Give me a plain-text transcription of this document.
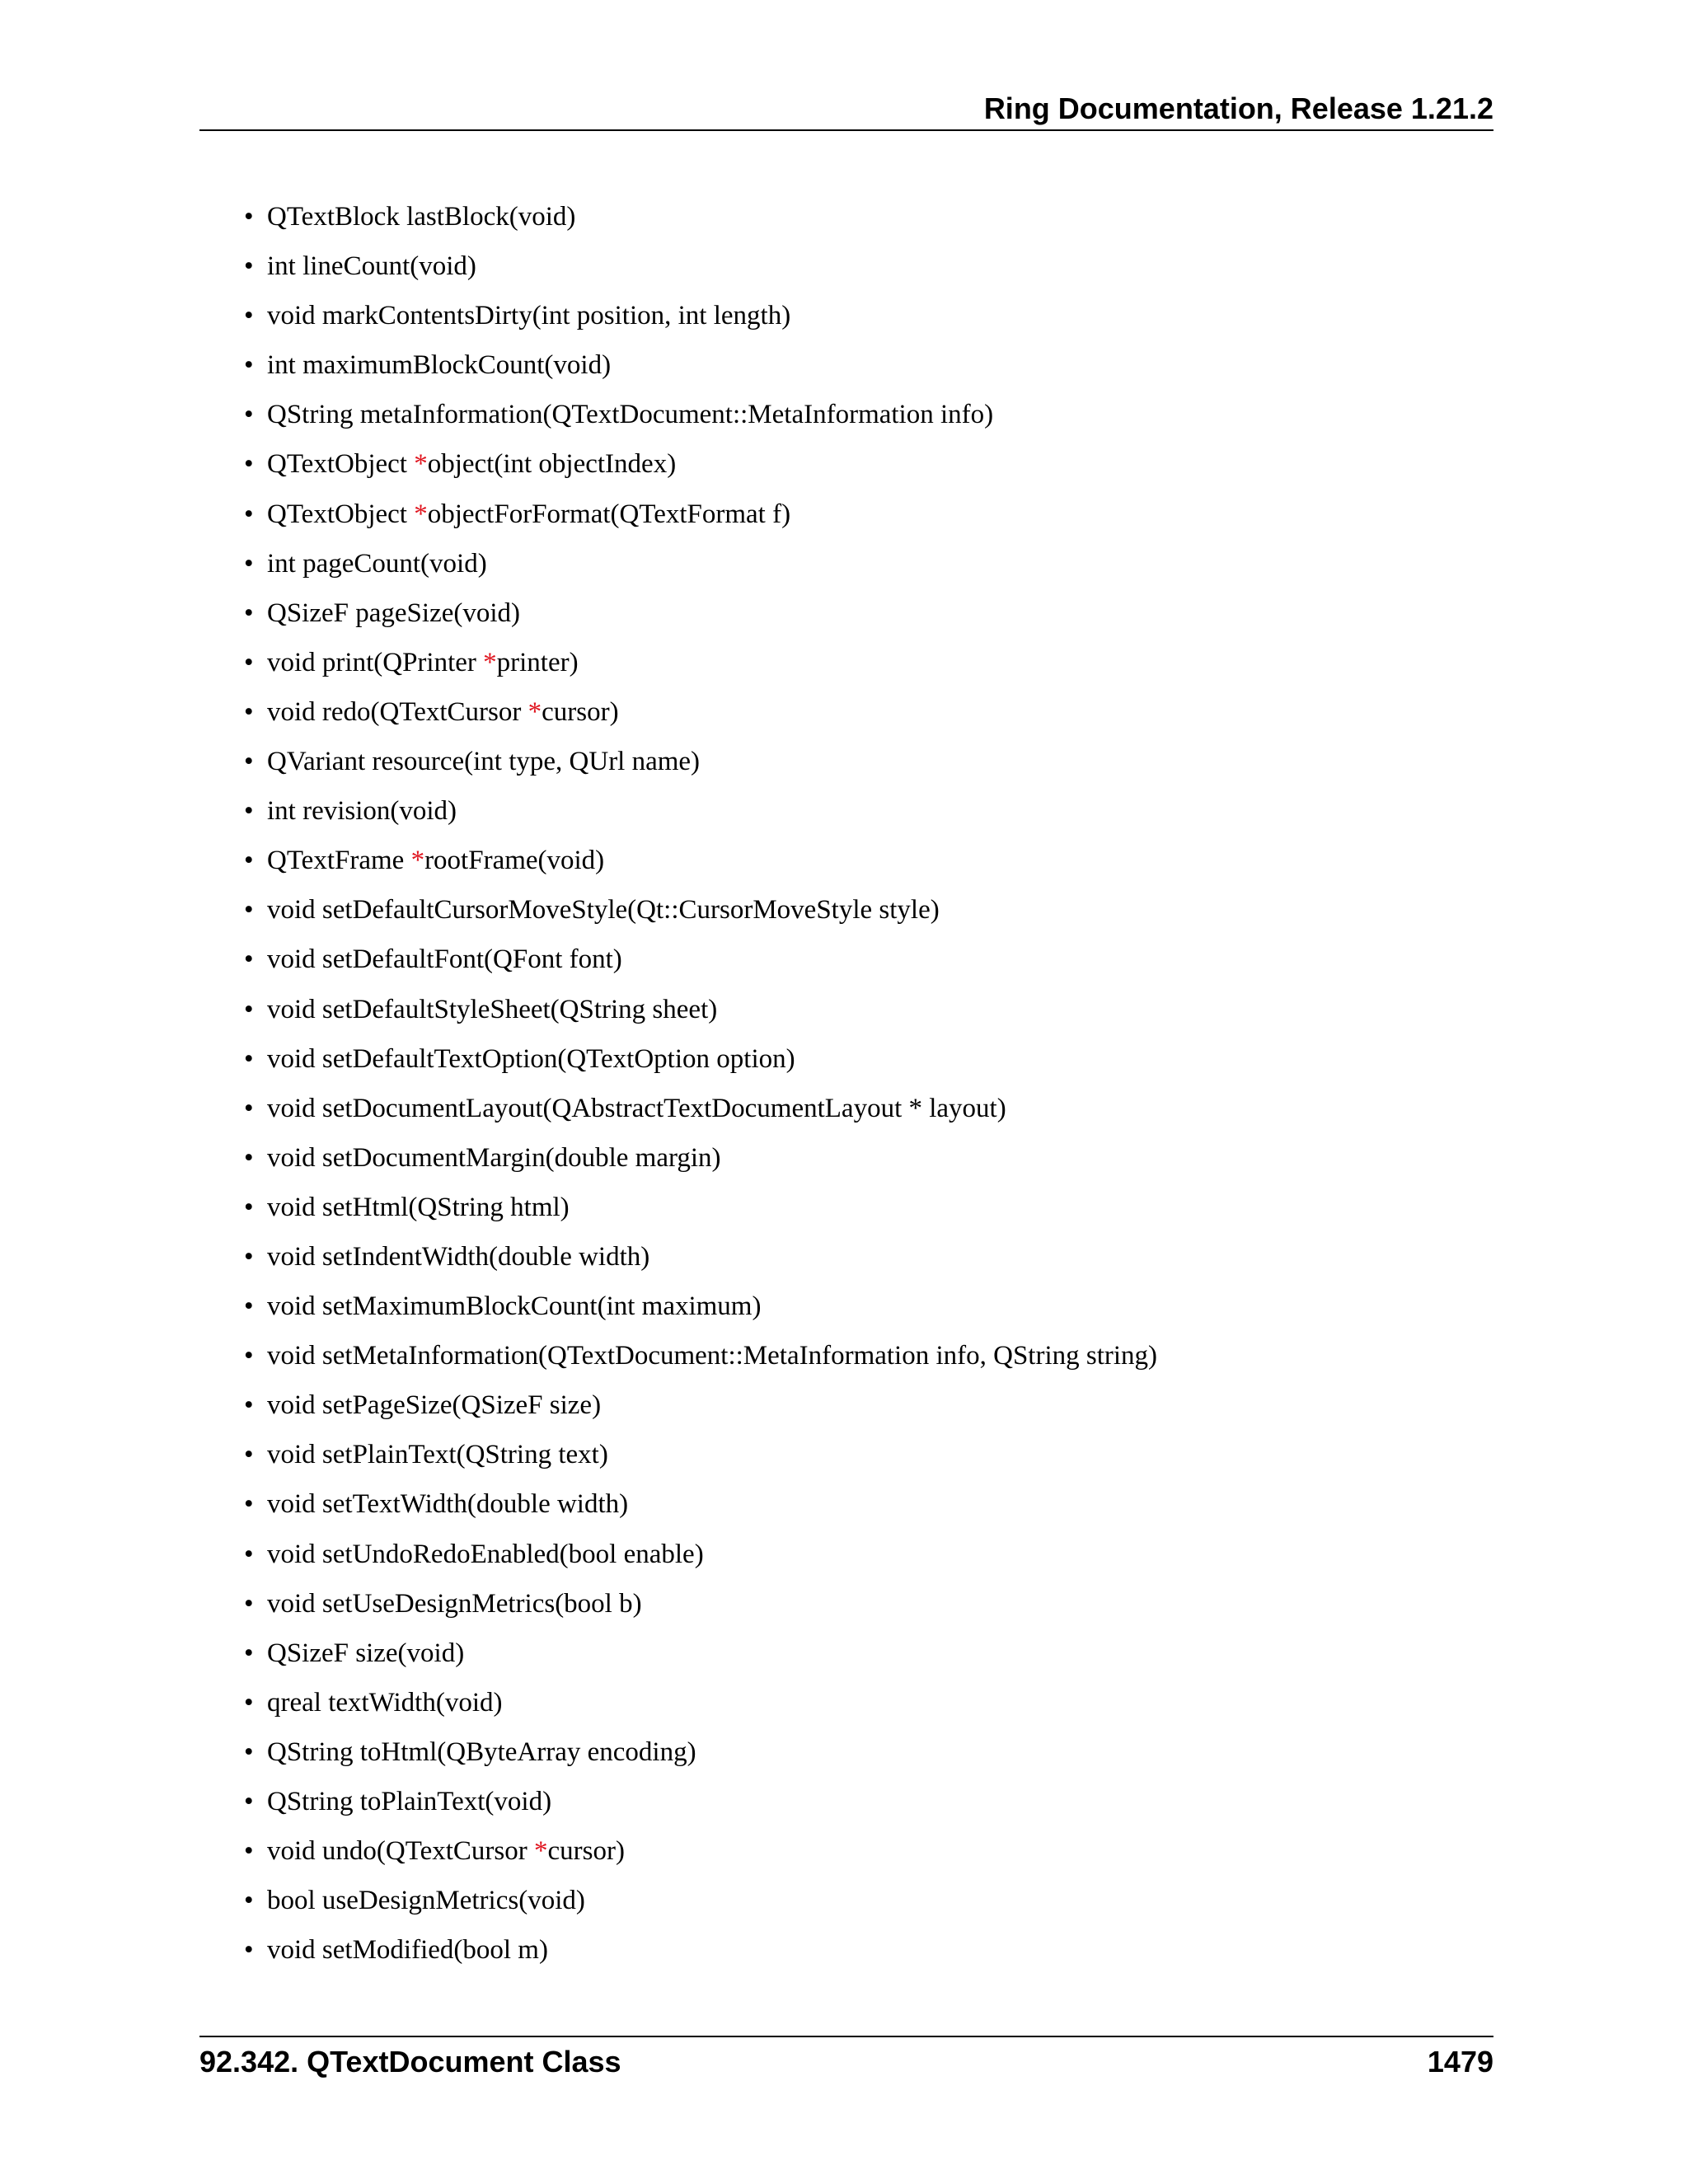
Ring Documentation, Release 1.21.2
• QTextBlock lastBlock(void)
• int lineCount(void)
• void markContentsDirty(int position, int length)
• int maximumBlockCount(void)
• QString metaInformation(QTextDocument::MetaInformation info)
• QTextObject *object(int objectIndex)
• QTextObject *objectForFormat(QTextFormat f)
• int pageCount(void)
• QSizeF pageSize(void)
• void print(QPrinter *printer)
• void redo(QTextCursor *cursor)
• QVariant resource(int type, QUrl name)
• int revision(void)
• QTextFrame *rootFrame(void)
• void setDefaultCursorMoveStyle(Qt::CursorMoveStyle style)
• void setDefaultFont(QFont font)
• void setDefaultStyleSheet(QString sheet)
• void setDefaultTextOption(QTextOption option)
• void setDocumentLayout(QAbstractTextDocumentLayout * layout)
• void setDocumentMargin(double margin)
• void setHtml(QString html)
• void setIndentWidth(double width)
• void setMaximumBlockCount(int maximum)
• void setMetaInformation(QTextDocument::MetaInformation info, QString string)
• void setPageSize(QSizeF size)
• void setPlainText(QString text)
• void setTextWidth(double width)
• void setUndoRedoEnabled(bool enable)
• void setUseDesignMetrics(bool b)
• QSizeF size(void)
• qreal textWidth(void)
• QString toHtml(QByteArray encoding)
• QString toPlainText(void)
• void undo(QTextCursor *cursor)
• bool useDesignMetrics(void)
• void setModified(bool m)
92.342. QTextDocument Class	1479
